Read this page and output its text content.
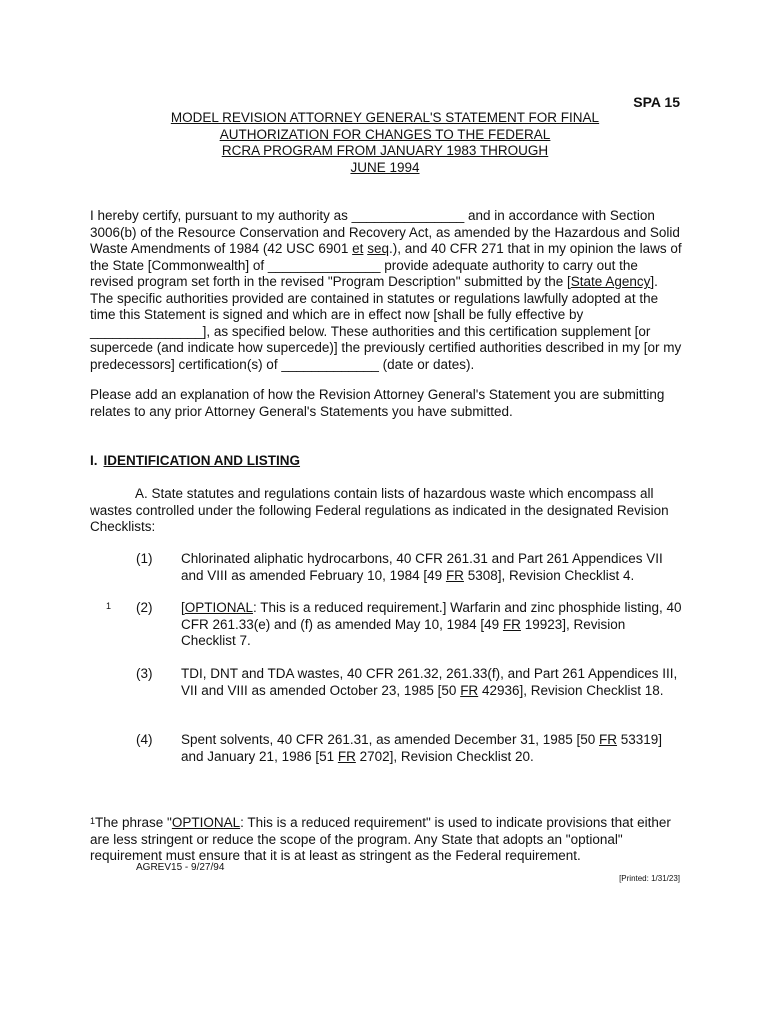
SPA 15
MODEL REVISION ATTORNEY GENERAL'S STATEMENT FOR FINAL
AUTHORIZATION FOR CHANGES TO THE FEDERAL
RCRA PROGRAM FROM JANUARY 1983 THROUGH
JUNE 1994

I hereby certify, pursuant to my authority as _______________ and in accordance with Section 3006(b) of the Resource Conservation and Recovery Act, as amended by the Hazardous and Solid Waste Amendments of 1984 (42 USC 6901 et seq.), and 40 CFR 271 that in my opinion the laws of the State [Commonwealth] of _______________ provide adequate authority to carry out the revised program set forth in the revised "Program Description" submitted by the [State Agency]. The specific authorities provided are contained in statutes or regulations lawfully adopted at the time this Statement is signed and which are in effect now [shall be fully effective by _______________], as specified below. These authorities and this certification supplement [or supercede (and indicate how supercede)] the previously certified authorities described in my [or my predecessors] certification(s) of _____________ (date or dates).

Please add an explanation of how the Revision Attorney General's Statement you are submitting relates to any prior Attorney General's Statements you have submitted.

I. IDENTIFICATION AND LISTING

A. State statutes and regulations contain lists of hazardous waste which encompass all wastes controlled under the following Federal regulations as indicated in the designated Revision Checklists:

(1) Chlorinated aliphatic hydrocarbons, 40 CFR 261.31 and Part 261 Appendices VII and VIII as amended February 10, 1984 [49 FR 5308], Revision Checklist 4.

1 (2) [OPTIONAL: This is a reduced requirement.] Warfarin and zinc phosphide listing, 40 CFR 261.33(e) and (f) as amended May 10, 1984 [49 FR 19923], Revision Checklist 7.

(3) TDI, DNT and TDA wastes, 40 CFR 261.32, 261.33(f), and Part 261 Appendices III, VII and VIII as amended October 23, 1985 [50 FR 42936], Revision Checklist 18.

(4) Spent solvents, 40 CFR 261.31, as amended December 31, 1985 [50 FR 53319] and January 21, 1986 [51 FR 2702], Revision Checklist 20.

$^1$The phrase "OPTIONAL: This is a reduced requirement" is used to indicate provisions that either are less stringent or reduce the scope of the program. Any State that adopts an "optional" requirement must ensure that it is at least as stringent as the Federal requirement.

AGREV15 - 9/27/94
[Printed: 1/31/23]
